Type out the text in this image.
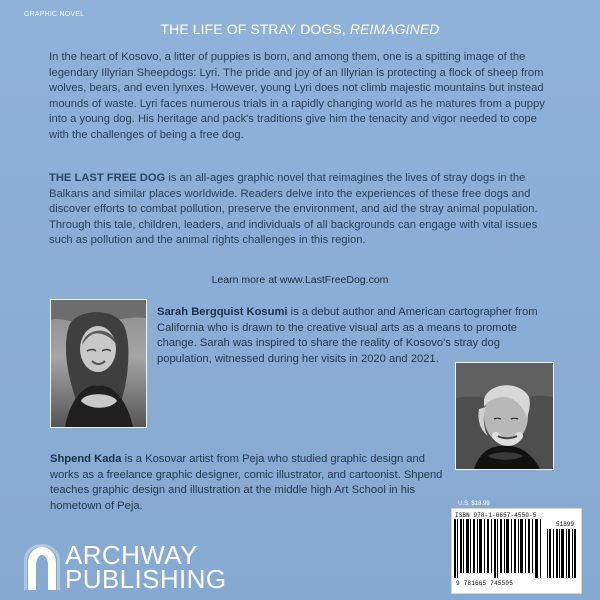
GRAPHIC NOVEL
THE LIFE OF STRAY DOGS, REIMAGINED
In the heart of Kosovo, a litter of puppies is born, and among them, one is a spitting image of the legendary Illyrian Sheepdogs: Lyri. The pride and joy of an Illyrian is protecting a flock of sheep from wolves, bears, and even lynxes. However, young Lyri does not climb majestic mountains but instead mounds of waste. Lyri faces numerous trials in a rapidly changing world as he matures from a puppy into a young dog. His heritage and pack's traditions give him the tenacity and vigor needed to cope with the challenges of being a free dog.
THE LAST FREE DOG is an all-ages graphic novel that reimagines the lives of stray dogs in the Balkans and similar places worldwide. Readers delve into the experiences of these free dogs and discover efforts to combat pollution, preserve the environment, and aid the stray animal population. Through this tale, children, leaders, and individuals of all backgrounds can engage with vital issues such as pollution and the animal rights challenges in this region.
Learn more at www.LastFreeDog.com
Sarah Bergquist Kosumi is a debut author and American cartographer from California who is drawn to the creative visual arts as a means to promote change. Sarah was inspired to share the reality of Kosovo's stray dog population, witnessed during her visits in 2020 and 2021.
Shpend Kada is a Kosovar artist from Peja who studied graphic design and works as a freelance graphic designer, comic illustrator, and cartoonist. Shpend teaches graphic design and illustration at the middle high Art School in his hometown of Peja.
ARCHWAY
PUBLISHING
U.S. $18.99
ISBN 978-1-6657-4550-5
51899
9 781665 745505
